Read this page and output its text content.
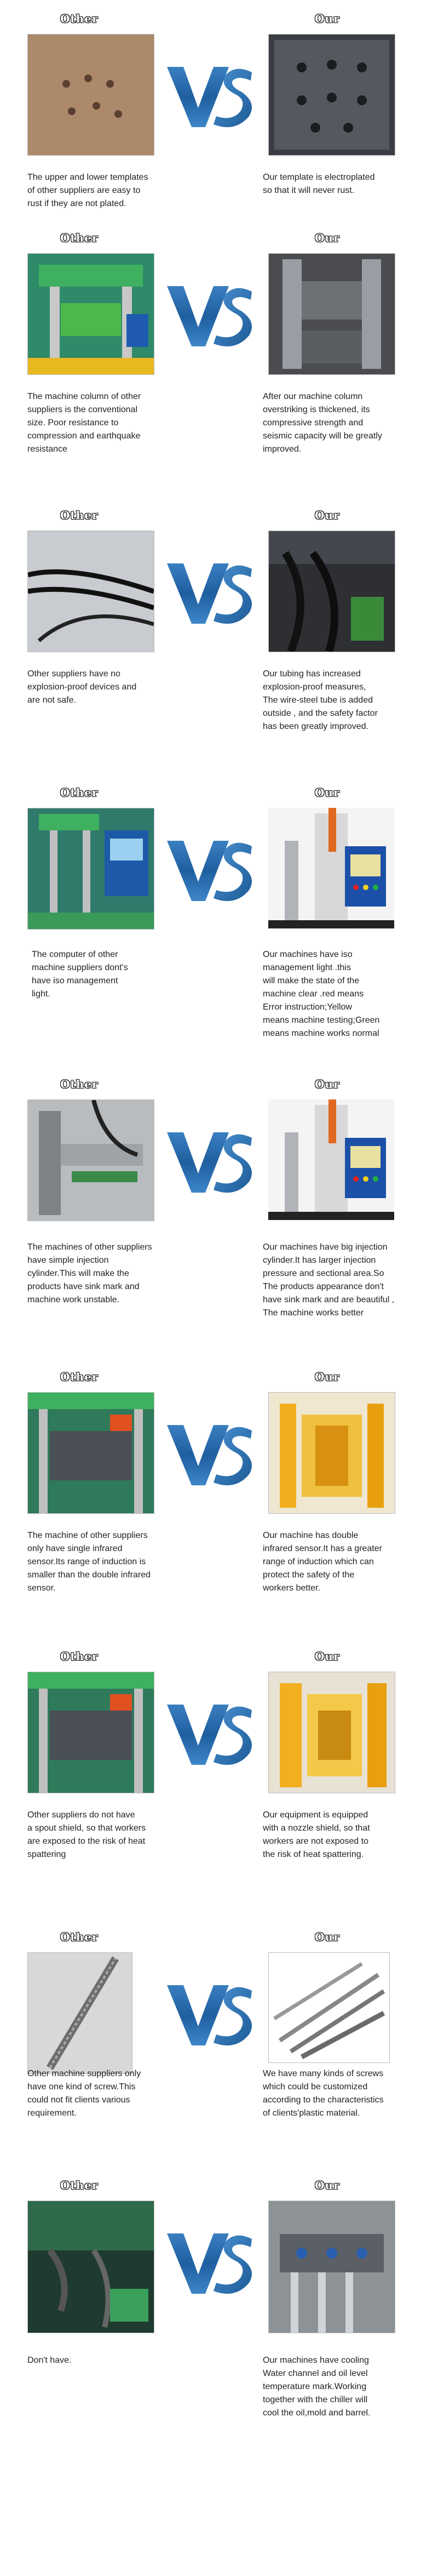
Other	Our
The upper and lower templates
of other suppliers are easy to
rust if they are not plated.
Our template is electroplated
so that it will never rust.
Other	Our
The machine column of other
suppliers is the conventional
size. Poor resistance to
compression and earthquake
resistance
After our machine column
overstriking is thickened, its
compressive strength and
seismic capacity will be greatly
improved.
Other	Our
Other suppliers have no
explosion-proof devices and
are not safe.
Our tubing has increased
explosion-proof measures,
The wire-steel tube is added
outside , and the safety factor
has been greatly improved.
Other	Our
The computer of other
machine suppliers dont's
have iso management
light.
Our machines have iso
management light .this
will make the state of the
machine clear .red means
Error instruction;Yellow
means machine testing;Green
means machine works normal
Other	Our
The machines of other suppliers
have simple injection
cylinder.This will make the
products have sink mark and
machine work unstable.
Our machines have big injection
cylinder.It has larger injection
pressure and sectional area.So
The products appearance don't
have sink mark and are beautiful ,
The machine works better
Other	Our
The machine of other suppliers
only have single infrared
sensor.Its range of induction is
smaller than the double infrared
sensor.
Our machine has double
infrared sensor.It has a greater
range of induction which can
protect the safety of the
workers better.
Other	Our
Other suppliers do not have
a spout shield, so that workers
are exposed to the risk of heat
spattering
Our equipment is equipped
with a nozzle shield, so that
workers are not exposed to
the risk of heat spattering.
Other	Our
Other machine suppliers only
have one kind of screw.This
could not fit clients various
requirement.
We have many kinds of screws
which could be customized
according to the characteristics
of clients'plastic material.
Other	Our
Don't have.	Our machines have cooling
Water channel and oil level
temperature mark.Working
together with the chiller will
cool the oil,mold and barrel.
